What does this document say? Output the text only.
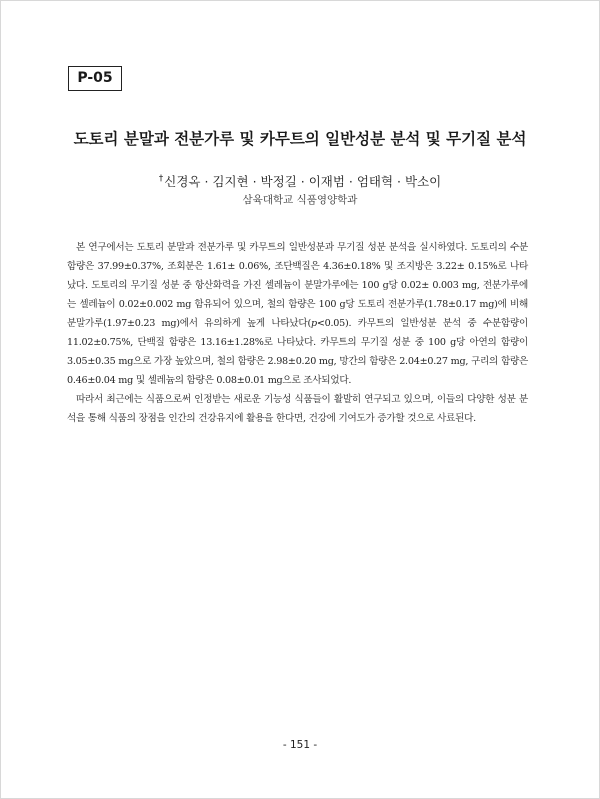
P-05
도토리 분말과 전분가루 및 카무트의 일반성분 분석 및 무기질 분석
†신경옥 · 김지현 · 박정길 · 이재범 · 엄태혁 · 박소이
삼육대학교 식품영양학과

본 연구에서는 도토리 분말과 전분가루 및 카무트의 일반성분과 무기질 성분 분석을 실시하였다. 도토리의 수분 함량은 37.99±0.37%, 조회분은 1.61± 0.06%, 조단백질은 4.36±0.18% 및 조지방은 3.22± 0.15%로 나타났다. 도토리의 무기질 성분 중 항산화력을 가진 셀레늄이 분말가루에는 100 g당 0.02± 0.003 mg, 전분가루에는 셀레늄이 0.02±0.002 mg 함유되어 있으며, 철의 함량은 100 g당 도토리 전분가루(1.78±0.17 mg)에 비해 분말가루(1.97±0.23 mg)에서 유의하게 높게 나타났다(p<0.05). 카무트의 일반성분 분석 중 수분함량이 11.02±0.75%, 단백질 함량은 13.16±1.28%로 나타났다. 카무트의 무기질 성분 중 100 g당 아연의 함량이 3.05±0.35 mg으로 가장 높았으며, 철의 함량은 2.98±0.20 mg, 망간의 함량은 2.04±0.27 mg, 구리의 함량은 0.46±0.04 mg 및 셀레늄의 함량은 0.08±0.01 mg으로 조사되었다.

따라서 최근에는 식품으로써 인정받는 새로운 기능성 식품들이 활발히 연구되고 있으며, 이들의 다양한 성분 분석을 통해 식품의 장점을 인간의 건강유지에 활용을 한다면, 건강에 기여도가 증가할 것으로 사료된다.

- 151 -
